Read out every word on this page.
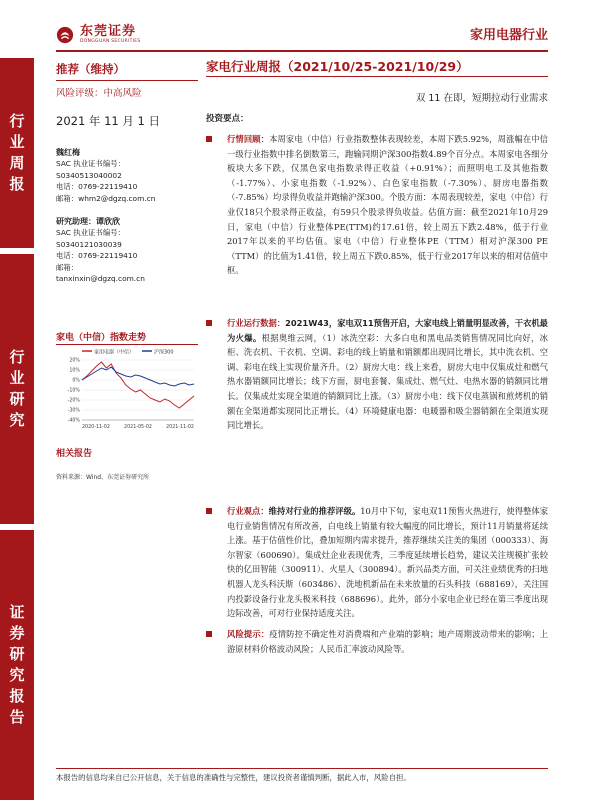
东莞证券
DONGGUAN SECURITIES	家用电器行业
行
业
周
报
行
业
研
究
证
券
研
究
报
告
推荐（维持）
风险评级：中高风险
2021 年 11 月 1 日
魏红梅
SAC 执业证书编号：
S0340513040002
电话：0769-22119410
邮箱：whm2@dgzq.com.cn
研究助理：谭欣欣
SAC 执业证书编号：
S0340121030039
电话：0769-22119410
邮箱：
tanxinxin@dgzq.com.cn
家电（中信）指数走势
家用电器（中信）	沪深300
20%
10%
0%
-10%
-20%
-30%
-40%
2020-11-02	2021-05-02	2021-11-02
资料来源：Wind，东莞证券研究所
相关报告
家电行业周报（2021/10/25-2021/10/29）
双 11 在即，短期拉动行业需求
投资要点：
行情回顾：本周家电（中信）行业指数整体表现较差，本周下跌5.92%，周涨幅在中信一级行业指数中排名倒数第三，跑输同期沪深300指数4.89个百分点。本周家电各细分板块大多下跌，仅黑色家电指数录得正收益（+0.91%）；而照明电工及其他指数（-1.77%）、小家电指数（-1.92%）、白色家电指数（-7.30%）、厨房电器指数（-7.85%）均录得负收益并跑输沪深300。个股方面：本周表现较差，家电（中信）行业仅18只个股录得正收益，有59只个股录得负收益。估值方面：截至2021年10月29日，家电（中信）行业整体PE(TTM)约17.61倍，较上周五下跌2.48%，低于行业2017年以来的平均估值。家电（中信）行业整体PE（TTM）相对沪深300 PE（TTM）的比值为1.41倍，较上周五下跌0.85%，低于行业2017年以来的相对估值中枢。
行业运行数据：2021W43，家电双11预售开启，大家电线上销量明显改善，干衣机最为火爆。根据奥维云网，（1）冰洗空彩：大多白电和黑电品类销售情况同比向好，冰柜、洗衣机、干衣机、空调、彩电的线上销量和销额都出现同比增长，其中洗衣机、空调、彩电在线上实现价量齐升。（2）厨房大电：线上来看，厨房大电中仅集成灶和燃气热水器销额同比增长；线下方面，厨电套餐、集成灶、燃气灶、电热水器的销额同比增长。仅集成灶实现全渠道的销额同比上涨。（3）厨房小电：线下仅电蒸锅和煎烤机的销额在全渠道都实现同比正增长。（4）环境健康电器：电暖器和吸尘器销额在全渠道实现同比增长。
行业观点：维持对行业的推荐评级。10月中下旬，家电双11预售火热进行，使得整体家电行业销售情况有所改善，白电线上销量有较大幅度的同比增长，预计11月销量将延续上涨。基于估值性价比，叠加短期内需求提升，推荐继续关注美的集团（000333）、海尔智家（600690）。集成灶企业表现优秀，三季度延续增长趋势，建议关注规模扩张较快的亿田智能（300911）、火星人（300894）。新兴品类方面，可关注业绩优秀的扫地机器人龙头科沃斯（603486）、洗地机新品在未来放量的石头科技（688169），关注国内投影设备行业龙头极米科技（688696）。此外，部分小家电企业已经在第三季度出现边际改善，可对行业保持适度关注。
风险提示：疫情防控不确定性对消费端和产业端的影响；地产周期波动带来的影响；上游原材料价格波动风险；人民币汇率波动风险等。
本报告的信息均来自已公开信息，关于信息的准确性与完整性，建议投资者谨慎判断，据此入市，风险自担。
